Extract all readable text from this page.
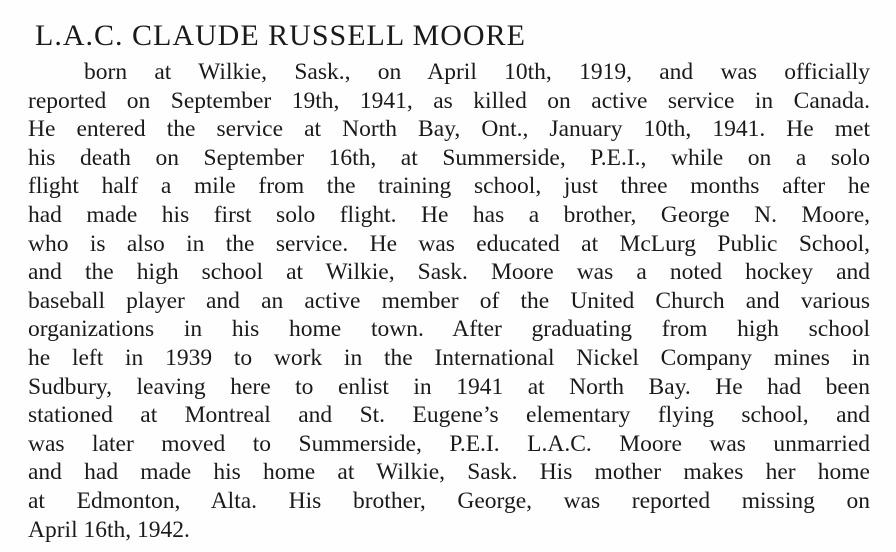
L.A.C. CLAUDE RUSSELL MOORE
born at Wilkie, Sask., on April 10th, 1919, and was officially
reported on September 19th, 1941, as killed on active service in Canada.
He entered the service at North Bay, Ont., January 10th, 1941. He met
his death on September 16th, at Summerside, P.E.I., while on a solo
flight half a mile from the training school, just three months after he
had made his first solo flight. He has a brother, George N. Moore,
who is also in the service. He was educated at McLurg Public School,
and the high school at Wilkie, Sask. Moore was a noted hockey and
baseball player and an active member of the United Church and various
organizations in his home town. After graduating from high school
he left in 1939 to work in the International Nickel Company mines in
Sudbury, leaving here to enlist in 1941 at North Bay. He had been
stationed at Montreal and St. Eugene’s elementary flying school, and
was later moved to Summerside, P.E.I. L.A.C. Moore was unmarried
and had made his home at Wilkie, Sask. His mother makes her home
at Edmonton, Alta. His brother, George, was reported missing on
April 16th, 1942.
